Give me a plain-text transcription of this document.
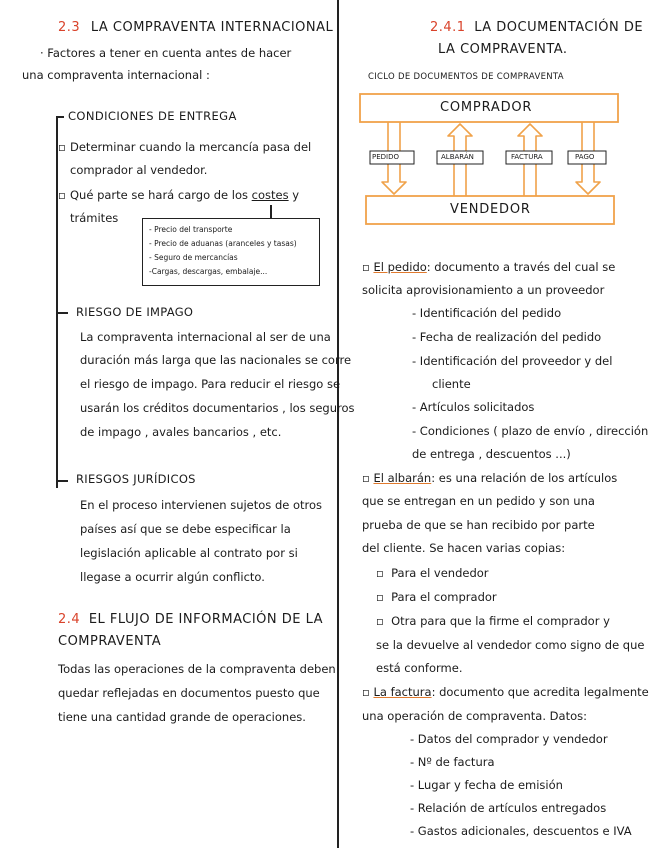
2.3 LA COMPRAVENTA INTERNACIONAL
· Factores a tener en cuenta antes de hacer
una compraventa internacional :
CONDICIONES DE ENTREGA
▫ Determinar cuando la mercancía pasa del
comprador al vendedor.
▫ Qué parte se hará cargo de los costes y
trámites
- Precio del transporte
- Precio de aduanas (aranceles y tasas)
- Seguro de mercancías
-Cargas, descargas, embalaje...
RIESGO DE IMPAGO
La compraventa internacional al ser de una
duración más larga que las nacionales se corre
el riesgo de impago. Para reducir el riesgo se
usarán los créditos documentarios , los seguros
de impago , avales bancarios , etc.
RIESGOS JURÍDICOS
En el proceso intervienen sujetos de otros
países así que se debe especificar la
legislación aplicable al contrato por si
llegase a ocurrir algún conflicto.
2.4 EL FLUJO DE INFORMACIÓN DE LA
COMPRAVENTA
Todas las operaciones de la compraventa deben
quedar reflejadas en documentos puesto que
tiene una cantidad grande de operaciones.
2.4.1 LA DOCUMENTACIÓN DE
LA COMPRAVENTA.
CICLO DE DOCUMENTOS DE COMPRAVENTA
COMPRADOR
VENDEDOR
PEDIDO	ALBARÁN	FACTURA	PAGO
▫ El pedido: documento a través del cual se
solicita aprovisionamiento a un proveedor
- Identificación del pedido
- Fecha de realización del pedido
- Identificación del proveedor y del
cliente
- Artículos solicitados
- Condiciones ( plazo de envío , dirección
de entrega , descuentos ...)
▫ El albarán: es una relación de los artículos
que se entregan en un pedido y son una
prueba de que se han recibido por parte
del cliente. Se hacen varias copias:
▫  Para el vendedor
▫  Para el comprador
▫  Otra para que la firme el comprador y
se la devuelve al vendedor como signo de que
está conforme.
▫ La factura: documento que acredita legalmente
una operación de compraventa. Datos:
- Datos del comprador y vendedor
- Nº de factura
- Lugar y fecha de emisión
- Relación de artículos entregados
- Gastos adicionales, descuentos e IVA
